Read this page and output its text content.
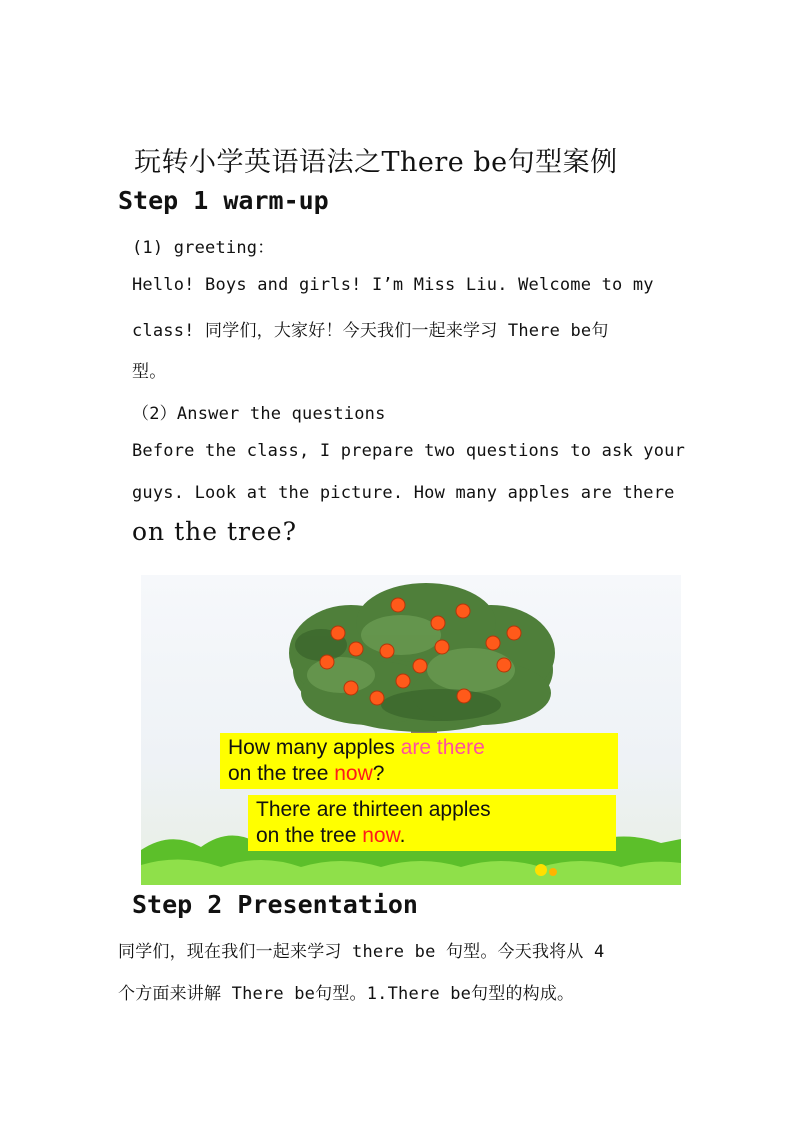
玩转小学英语语法之There be句型案例
Step 1 warm-up
(1) greeting：
Hello! Boys and girls! I’m Miss Liu. Welcome to my
class! 同学们，大家好！今天我们一起来学习 There be句
型。
（2）Answer the questions
Before the class, I prepare two questions to ask your
guys. Look at the picture. How many apples are there
on the tree?
How many apples are there
on the tree now?
There are thirteen apples
on the tree now.
Step 2 Presentation
同学们，现在我们一起来学习 there be 句型。今天我将从 4
个方面来讲解 There be句型。1.There be句型的构成。
